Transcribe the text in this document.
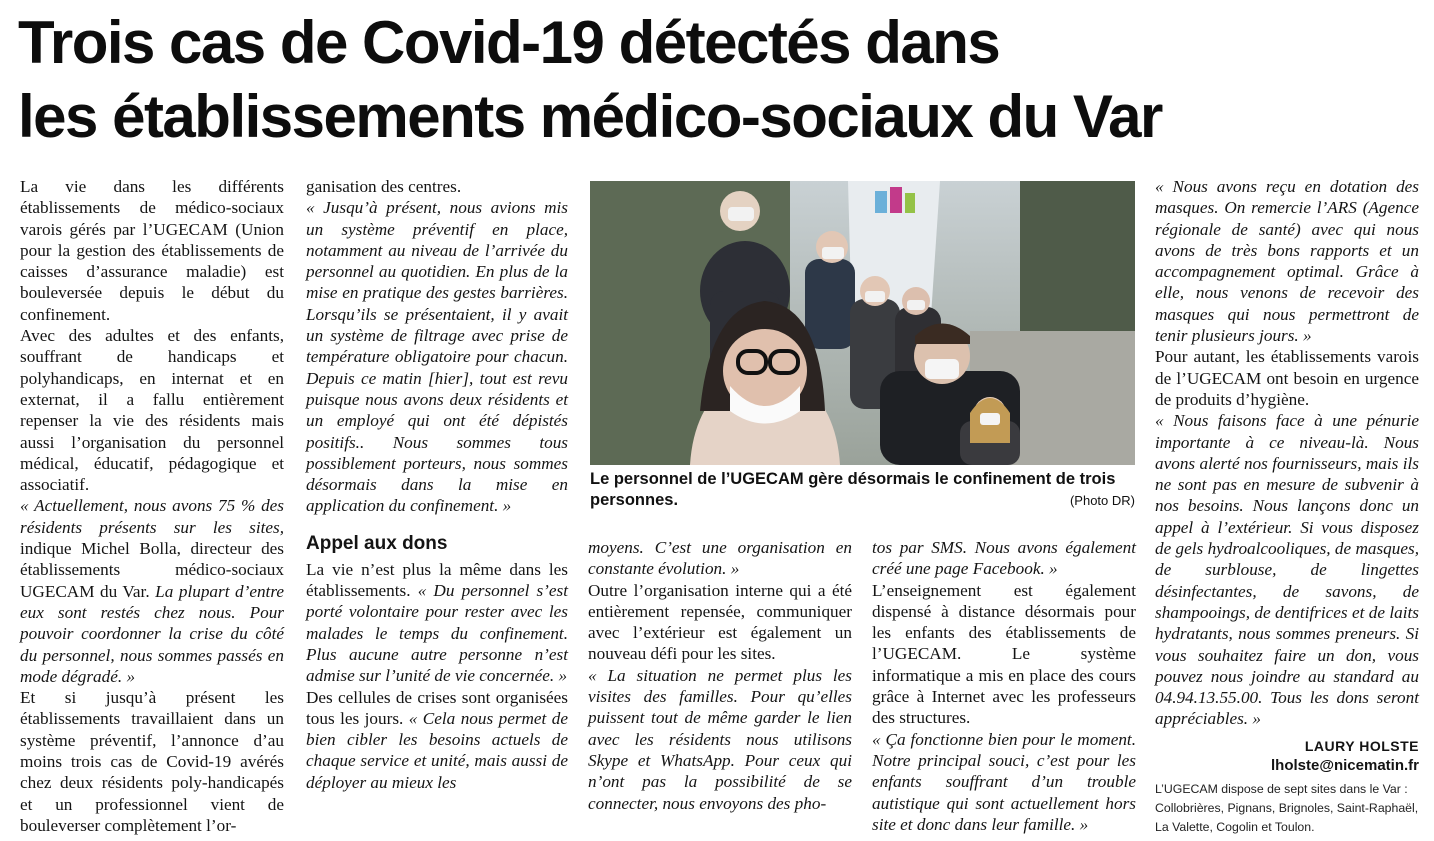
Trois cas de Covid-19 détectés dans
les établissements médico-sociaux du Var

La vie dans les différents établissements de médico-sociaux varois gérés par l’UGECAM (Union pour la gestion des établissements de caisses d’assurance maladie) est bouleversée depuis le début du confinement.

Avec des adultes et des enfants, souffrant de handicaps et polyhandicaps, en internat et en externat, il a fallu entièrement repenser la vie des résidents mais aussi l’organisation du personnel médical, éducatif, pédagogique et associatif.

« Actuellement, nous avons 75 % des résidents présents sur les sites, indique Michel Bolla, directeur des établissements médico-sociaux UGECAM du Var. La plupart d’entre eux sont restés chez nous. Pour pouvoir coordonner la crise du côté du personnel, nous sommes passés en mode dégradé. »

Et si jusqu’à présent les établissements travaillaient dans un système préventif, l’annonce d’au moins trois cas de Covid-19 avérés chez deux résidents poly-handicapés et un professionnel vient de bouleverser complètement l’or-

ganisation des centres.

« Jusqu’à présent, nous avions mis un système préventif en place, notamment au niveau de l’arrivée du personnel au quotidien. En plus de la mise en pratique des gestes barrières. Lorsqu’ils se présentaient, il y avait un système de filtrage avec prise de température obligatoire pour chacun. Depuis ce matin [hier], tout est revu puisque nous avons deux résidents et un employé qui ont été dépistés positifs.. Nous sommes tous possiblement porteurs, nous sommes désormais dans la mise en application du confinement. »

Appel aux dons

La vie n’est plus la même dans les établissements. « Du personnel s’est porté volontaire pour rester avec les malades le temps du confinement. Plus aucune autre personne n’est admise sur l’unité de vie concernée. »

Des cellules de crises sont organisées tous les jours. « Cela nous permet de bien cibler les besoins actuels de chaque service et unité, mais aussi de déployer au mieux les

Le personnel de l’UGECAM gère désormais le confinement de trois personnes.	(Photo DR)

moyens. C’est une organisation en constante évolution. »

Outre l’organisation interne qui a été entièrement repensée, communiquer avec l’extérieur est également un nouveau défi pour les sites.

« La situation ne permet plus les visites des familles. Pour qu’elles puissent tout de même garder le lien avec les résidents nous utilisons Skype et WhatsApp. Pour ceux qui n’ont pas la possibilité de se connecter, nous envoyons des pho-

tos par SMS. Nous avons également créé une page Facebook. »

L’enseignement est également dispensé à distance désormais pour les enfants des établissements de l’UGECAM. Le système informatique a mis en place des cours grâce à Internet avec les professeurs des structures.

« Ça fonctionne bien pour le moment. Notre principal souci, c’est pour les enfants souffrant d’un trouble autistique qui sont actuellement hors site et donc dans leur famille. »

« Nous avons reçu en dotation des masques. On remercie l’ARS (Agence régionale de santé) avec qui nous avons de très bons rapports et un accompagnement optimal. Grâce à elle, nous venons de recevoir des masques qui nous permettront de tenir plusieurs jours. »

Pour autant, les établissements varois de l’UGECAM ont besoin en urgence de produits d’hygiène.

« Nous faisons face à une pénurie importante à ce niveau-là. Nous avons alerté nos fournisseurs, mais ils ne sont pas en mesure de subvenir à nos besoins. Nous lançons donc un appel à l’extérieur. Si vous disposez de gels hydroalcooliques, de masques, de surblouse, de lingettes désinfectantes, de savons, de shampooings, de dentifrices et de laits hydratants, nous sommes preneurs. Si vous souhaitez faire un don, vous pouvez nous joindre au standard au 04.94.13.55.00. Tous les dons seront appréciables. »

LAURY HOLSTE
lholste@nicematin.fr
L’UGECAM dispose de sept sites dans le Var : Collobrières, Pignans, Brignoles, Saint-Raphaël, La Valette, Cogolin et Toulon.
